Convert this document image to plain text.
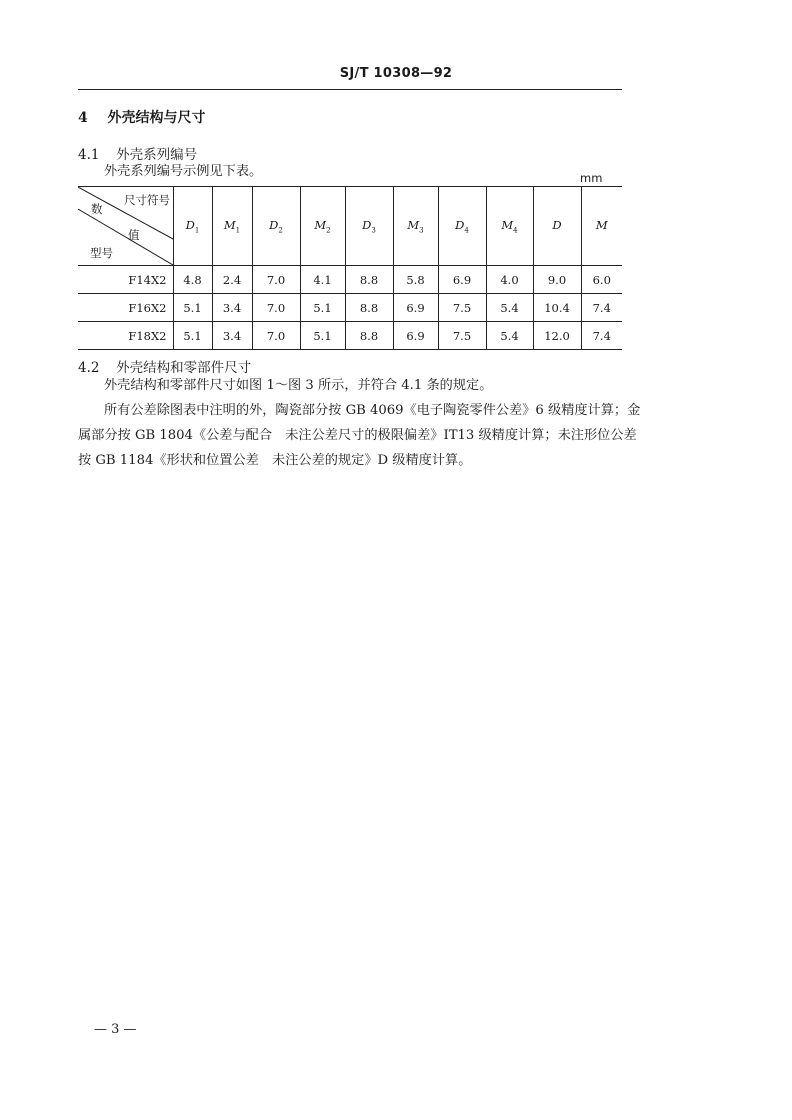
SJ/T 10308—92
4 外壳结构与尺寸
4.1 外壳系列编号
外壳系列编号示例见下表。	mm
数
尺寸符号
值
型号	$D_1$	$M_1$	$D_2$	$M_2$	$D_3$	$M_3$	$D_4$	$M_4$	D	M
F14X2	4.8	2.4	7.0	4.1	8.8	5.8	6.9	4.0	9.0	6.0
F16X2	5.1	3.4	7.0	5.1	8.8	6.9	7.5	5.4	10.4	7.4
F18X2	5.1	3.4	7.0	5.1	8.8	6.9	7.5	5.4	12.0	7.4
4.2 外壳结构和零部件尺寸
外壳结构和零部件尺寸如图 1～图 3 所示，并符合 4.1 条的规定。
所有公差除图表中注明的外，陶瓷部分按 GB 4069《电子陶瓷零件公差》6 级精度计算；金
属部分按 GB 1804《公差与配合　未注公差尺寸的极限偏差》IT13 级精度计算；未注形位公差
按 GB 1184《形状和位置公差　未注公差的规定》D 级精度计算。
— 3 —
